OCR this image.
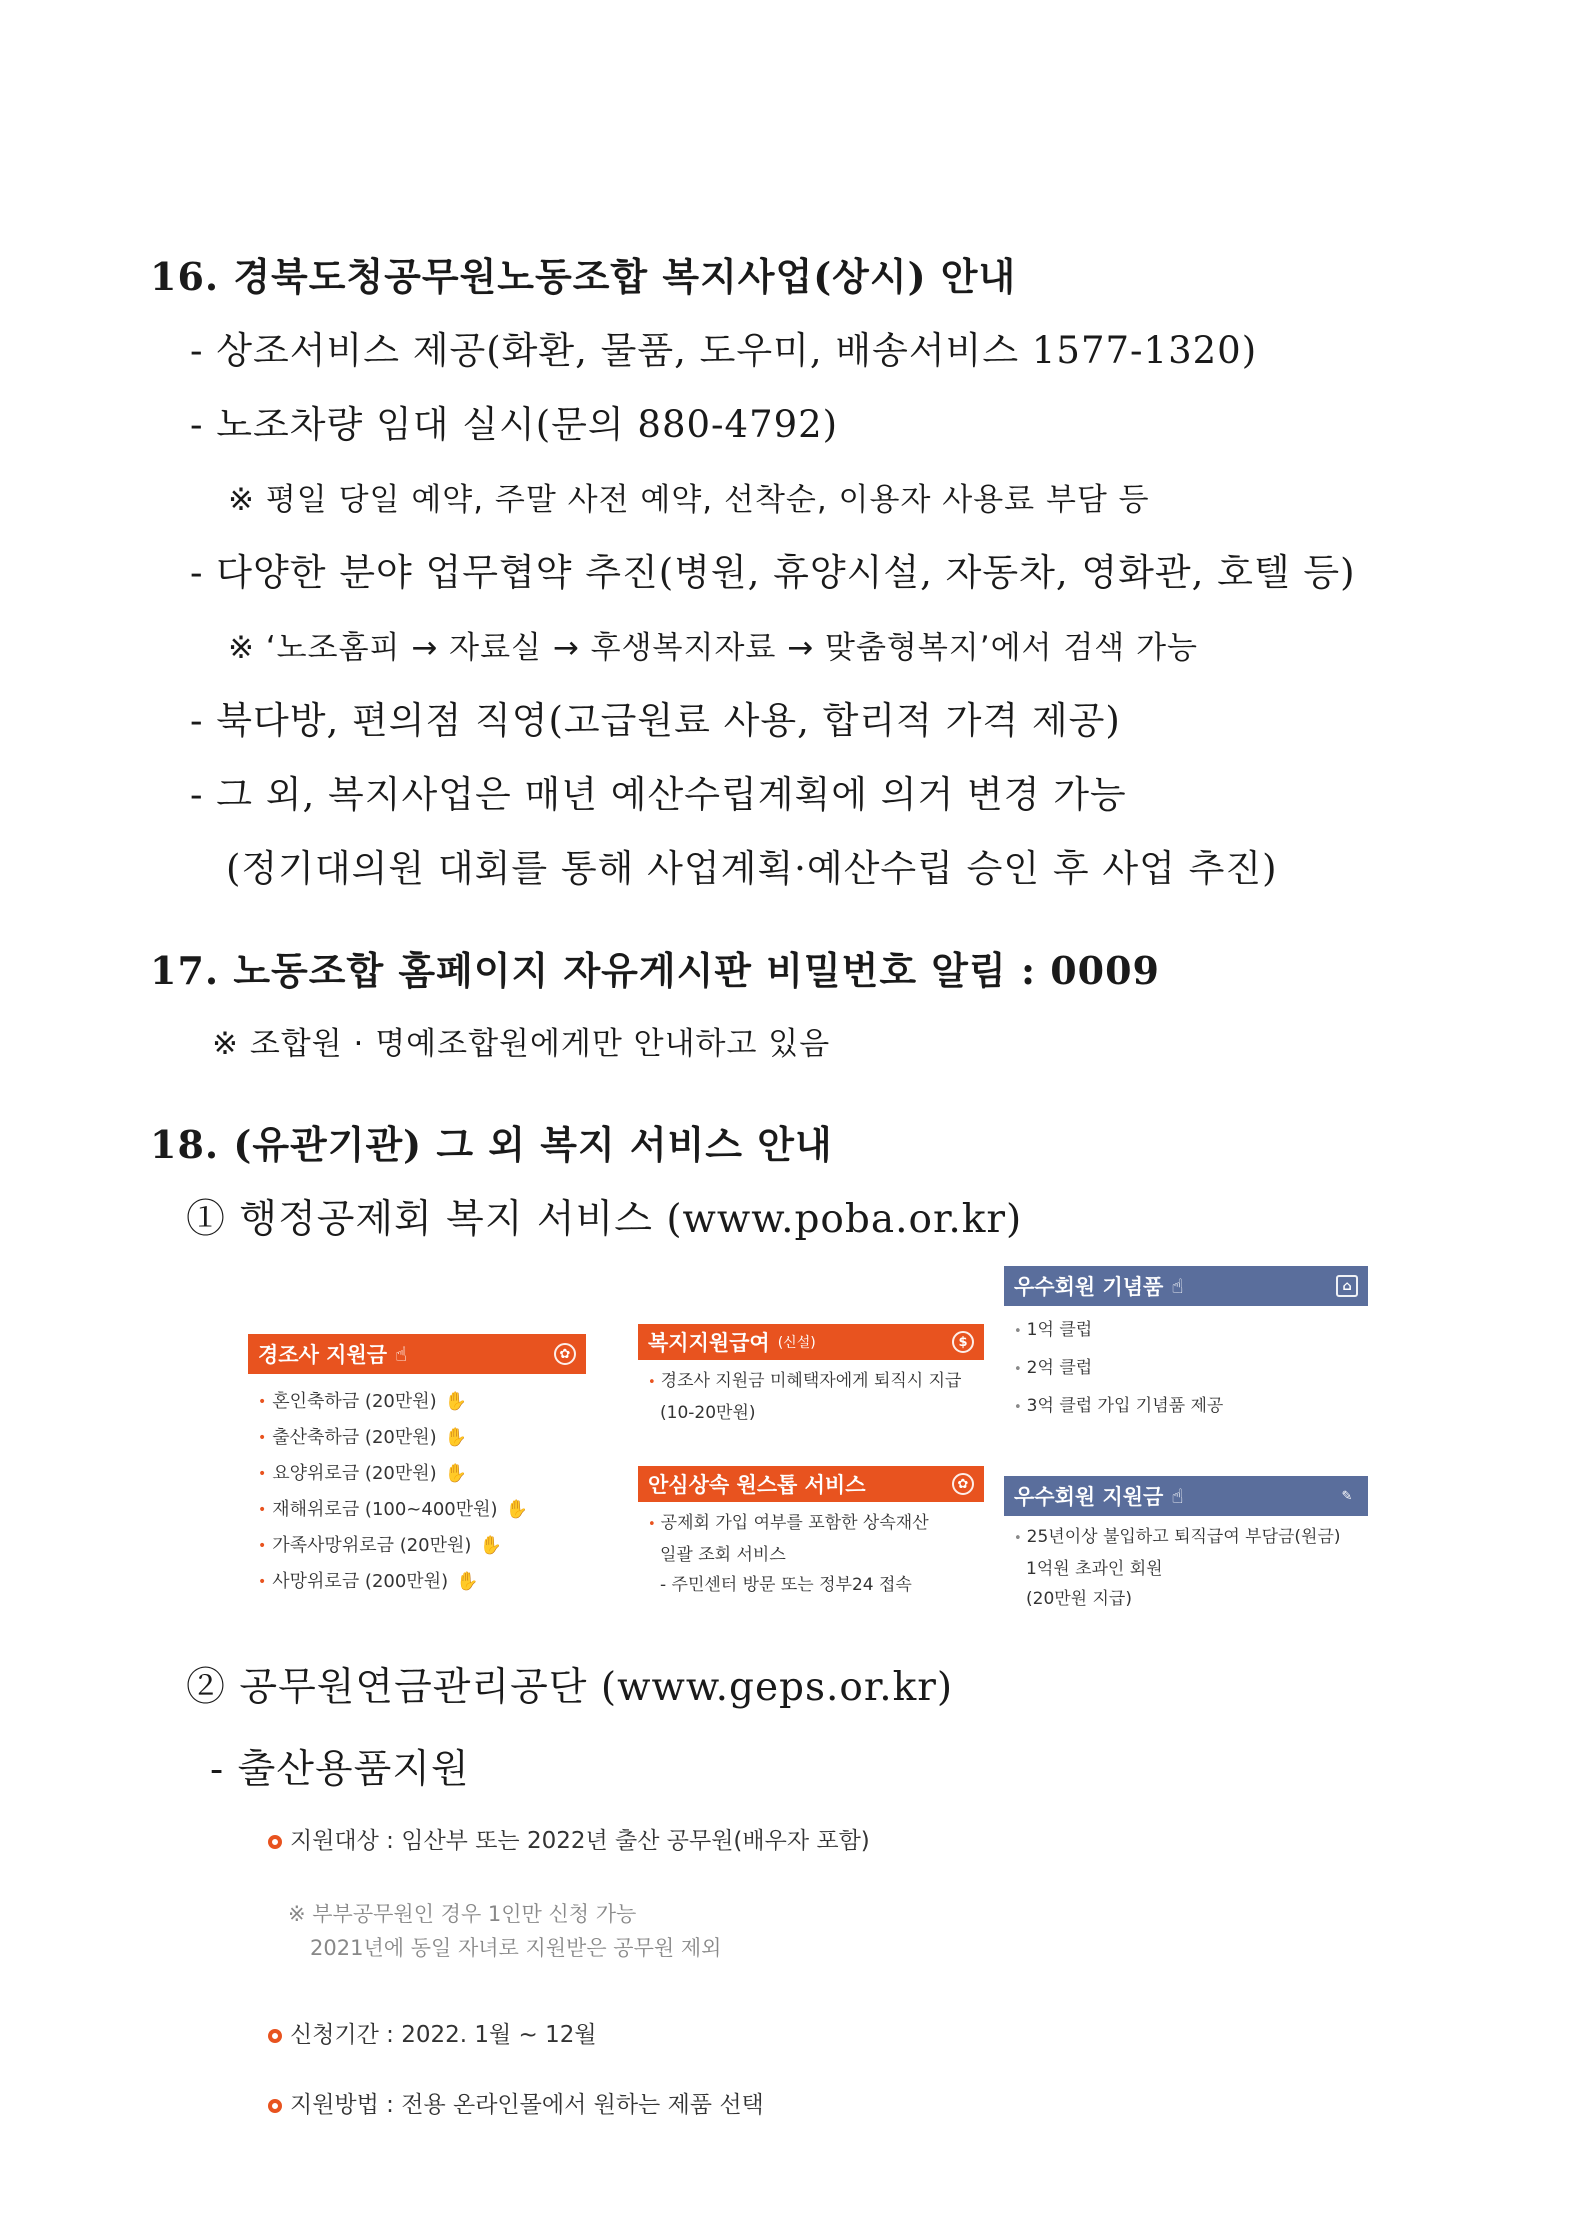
16. 경북도청공무원노동조합 복지사업(상시) 안내
- 상조서비스 제공(화환, 물품, 도우미, 배송서비스 1577-1320)
- 노조차량 임대 실시(문의 880-4792)
※ 평일 당일 예약, 주말 사전 예약, 선착순, 이용자 사용료 부담 등
- 다양한 분야 업무협약 추진(병원, 휴양시설, 자동차, 영화관, 호텔 등)
※ ‘노조홈피 → 자료실 → 후생복지자료 → 맞춤형복지’에서 검색 가능
- 북다방, 편의점 직영(고급원료 사용, 합리적 가격 제공)
- 그 외, 복지사업은 매년 예산수립계획에 의거 변경 가능
(정기대의원 대회를 통해 사업계획·예산수립 승인 후 사업 추진)
17. 노동조합 홈페이지 자유게시판 비밀번호 알림 : 0009
※ 조합원 · 명예조합원에게만 안내하고 있음
18. (유관기관) 그 외 복지 서비스 안내
① 행정공제회 복지 서비스 (www.poba.or.kr)
경조사 지원금 ☝	✿
• 혼인축하금 (20만원) ✋
• 출산축하금 (20만원) ✋
• 요양위로금 (20만원) ✋
• 재해위로금 (100~400만원) ✋
• 가족사망위로금 (20만원) ✋
• 사망위로금 (200만원) ✋
복지지원급여 (신설)	$
• 경조사 지원금 미혜택자에게 퇴직시 지급
(10-20만원)
안심상속 원스톱 서비스	✿
• 공제회 가입 여부를 포함한 상속재산
일괄 조회 서비스
- 주민센터 방문 또는 정부24 접속
우수회원 기념품 ☝	⌂
• 1억 클럽
• 2억 클럽
• 3억 클럽 가입 기념품 제공
우수회원 지원금 ☝	✎
• 25년이상 불입하고 퇴직급여 부담금(원금)
1억원 초과인 회원
(20만원 지급)
② 공무원연금관리공단 (www.geps.or.kr)
- 출산용품지원
지원대상 : 임산부 또는 2022년 출산 공무원(배우자 포함)
※ 부부공무원인 경우 1인만 신청 가능
2021년에 동일 자녀로 지원받은 공무원 제외
신청기간 : 2022. 1월 ~ 12월
지원방법 : 전용 온라인몰에서 원하는 제품 선택
